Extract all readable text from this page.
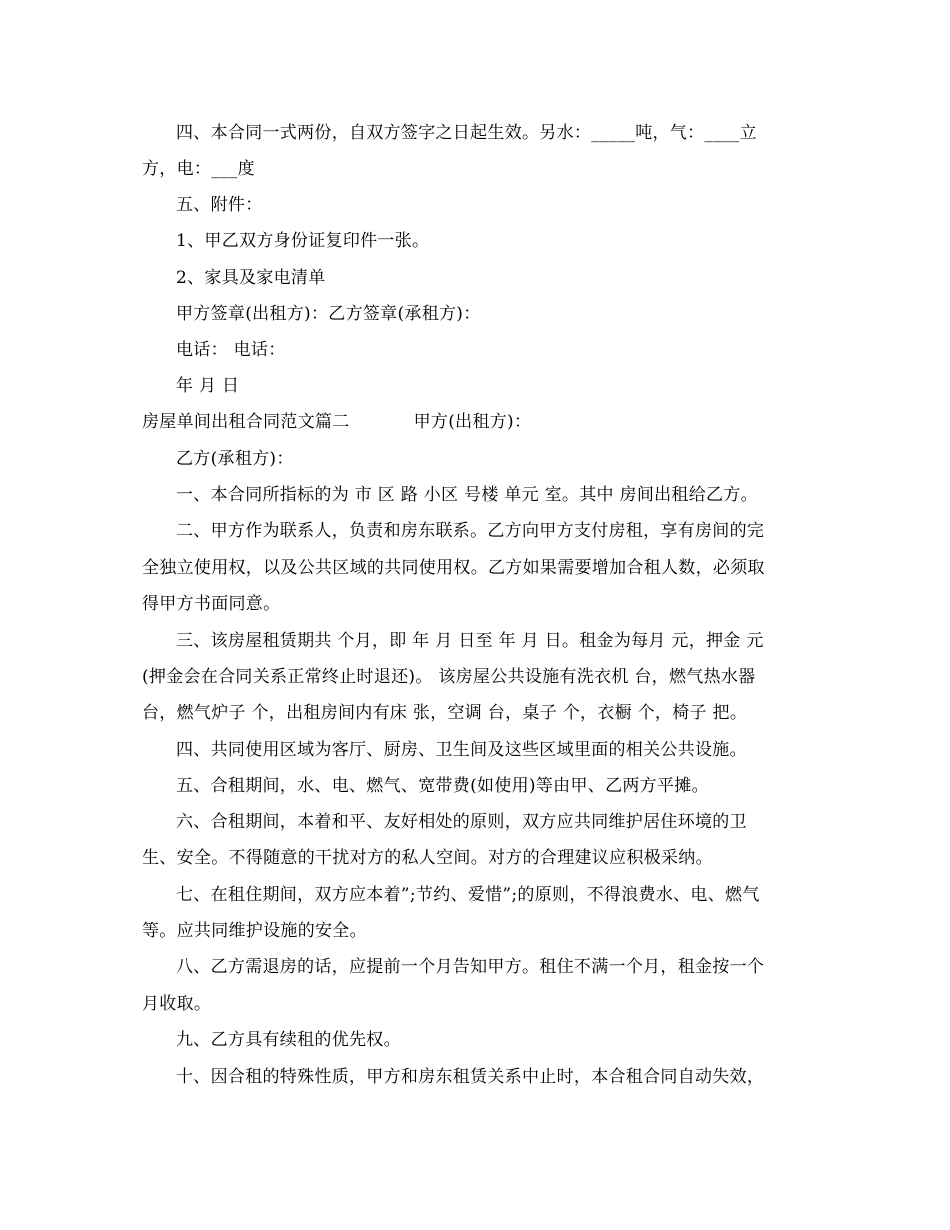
四、本合同一式两份，自双方签字之日起生效。另水：_____吨，气：____立
方，电：___度
五、附件：
1、甲乙双方身份证复印件一张。
2、家具及家电清单
甲方签章(出租方)：乙方签章(承租方)：
电话： 电话：
年 月 日
房屋单间出租合同范文篇二	甲方(出租方)：
乙方(承租方)：
一、本合同所指标的为 市 区 路 小区 号楼 单元 室。其中 房间出租给乙方。
二、甲方作为联系人，负责和房东联系。乙方向甲方支付房租，享有房间的完
全独立使用权，以及公共区域的共同使用权。乙方如果需要增加合租人数，必须取
得甲方书面同意。
三、该房屋租赁期共 个月，即 年 月 日至 年 月 日。租金为每月 元，押金 元
(押金会在合同关系正常终止时退还)。 该房屋公共设施有洗衣机 台，燃气热水器
台，燃气炉子 个，出租房间内有床 张，空调 台，桌子 个，衣橱 个，椅子 把。
四、共同使用区域为客厅、厨房、卫生间及这些区域里面的相关公共设施。
五、合租期间，水、电、燃气、宽带费(如使用)等由甲、乙两方平摊。
六、合租期间，本着和平、友好相处的原则，双方应共同维护居住环境的卫
生、安全。不得随意的干扰对方的私人空间。对方的合理建议应积极采纳。
七、在租住期间，双方应本着”;节约、爱惜”;的原则，不得浪费水、电、燃气
等。应共同维护设施的安全。
八、乙方需退房的话，应提前一个月告知甲方。租住不满一个月，租金按一个
月收取。
九、乙方具有续租的优先权。
十、因合租的特殊性质，甲方和房东租赁关系中止时，本合租合同自动失效，
